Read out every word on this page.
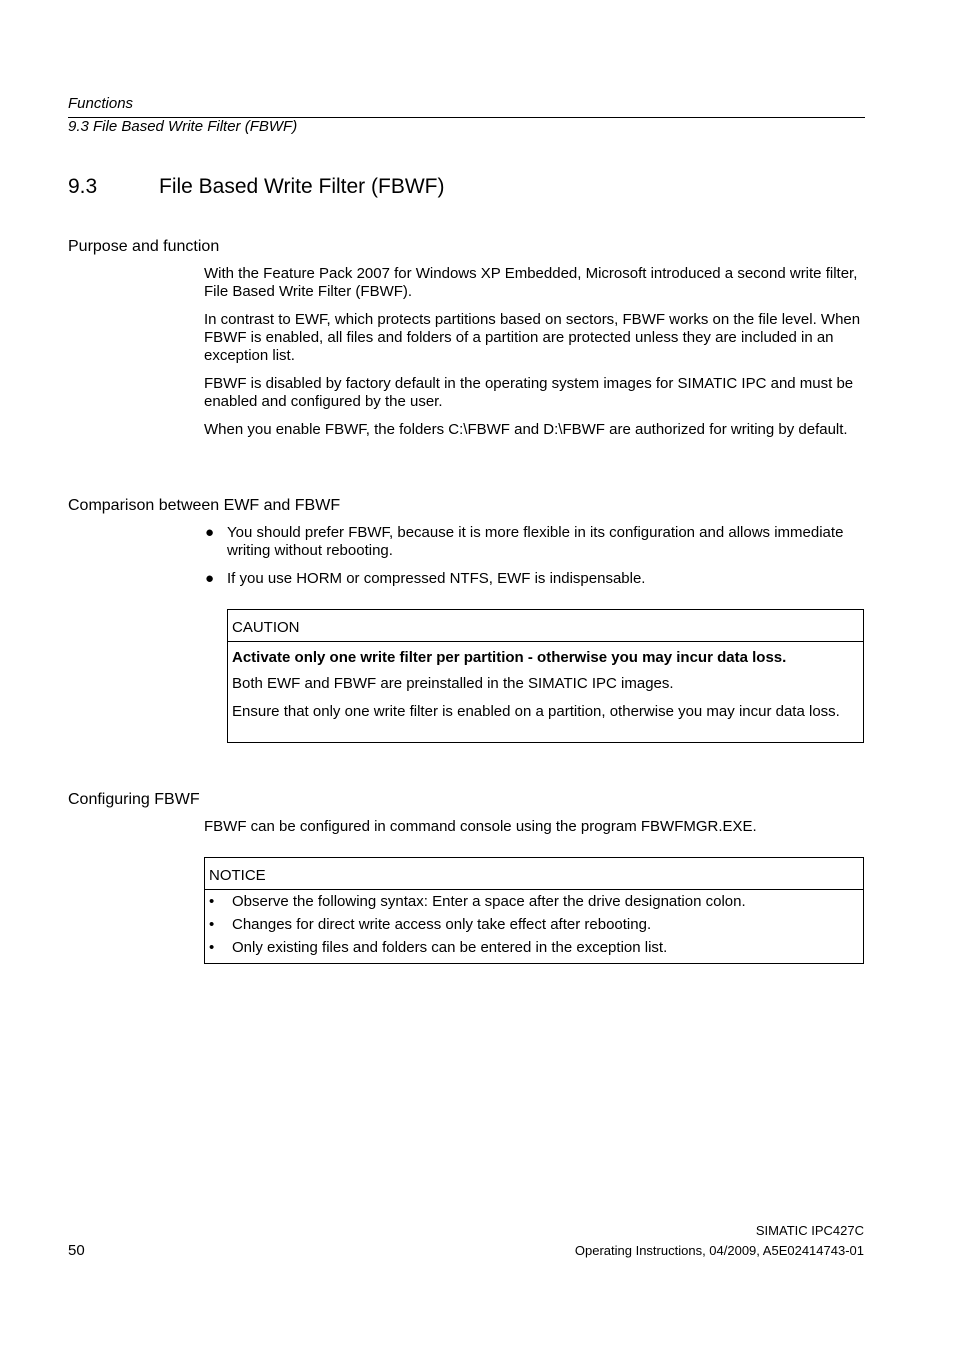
Functions
9.3 File Based Write Filter (FBWF)
9.3	File Based Write Filter (FBWF)
Purpose and function
With the Feature Pack 2007 for Windows XP Embedded, Microsoft introduced a second write filter, File Based Write Filter (FBWF).
In contrast to EWF, which protects partitions based on sectors, FBWF works on the file level. When FBWF is enabled, all files and folders of a partition are protected unless they are included in an exception list.
FBWF is disabled by factory default in the operating system images for SIMATIC IPC and must be enabled and configured by the user.
When you enable FBWF, the folders C:\FBWF and D:\FBWF are authorized for writing by default.
Comparison between EWF and FBWF
● You should prefer FBWF, because it is more flexible in its configuration and allows immediate writing without rebooting.
● If you use HORM or compressed NTFS, EWF is indispensable.
CAUTION
Activate only one write filter per partition - otherwise you may incur data loss.
Both EWF and FBWF are preinstalled in the SIMATIC IPC images.
Ensure that only one write filter is enabled on a partition, otherwise you may incur data loss.
Configuring FBWF
FBWF can be configured in command console using the program FBWFMGR.EXE.
NOTICE
• Observe the following syntax: Enter a space after the drive designation colon.
• Changes for direct write access only take effect after rebooting.
• Only existing files and folders can be entered in the exception list.
SIMATIC IPC427C
50	Operating Instructions, 04/2009, A5E02414743-01
